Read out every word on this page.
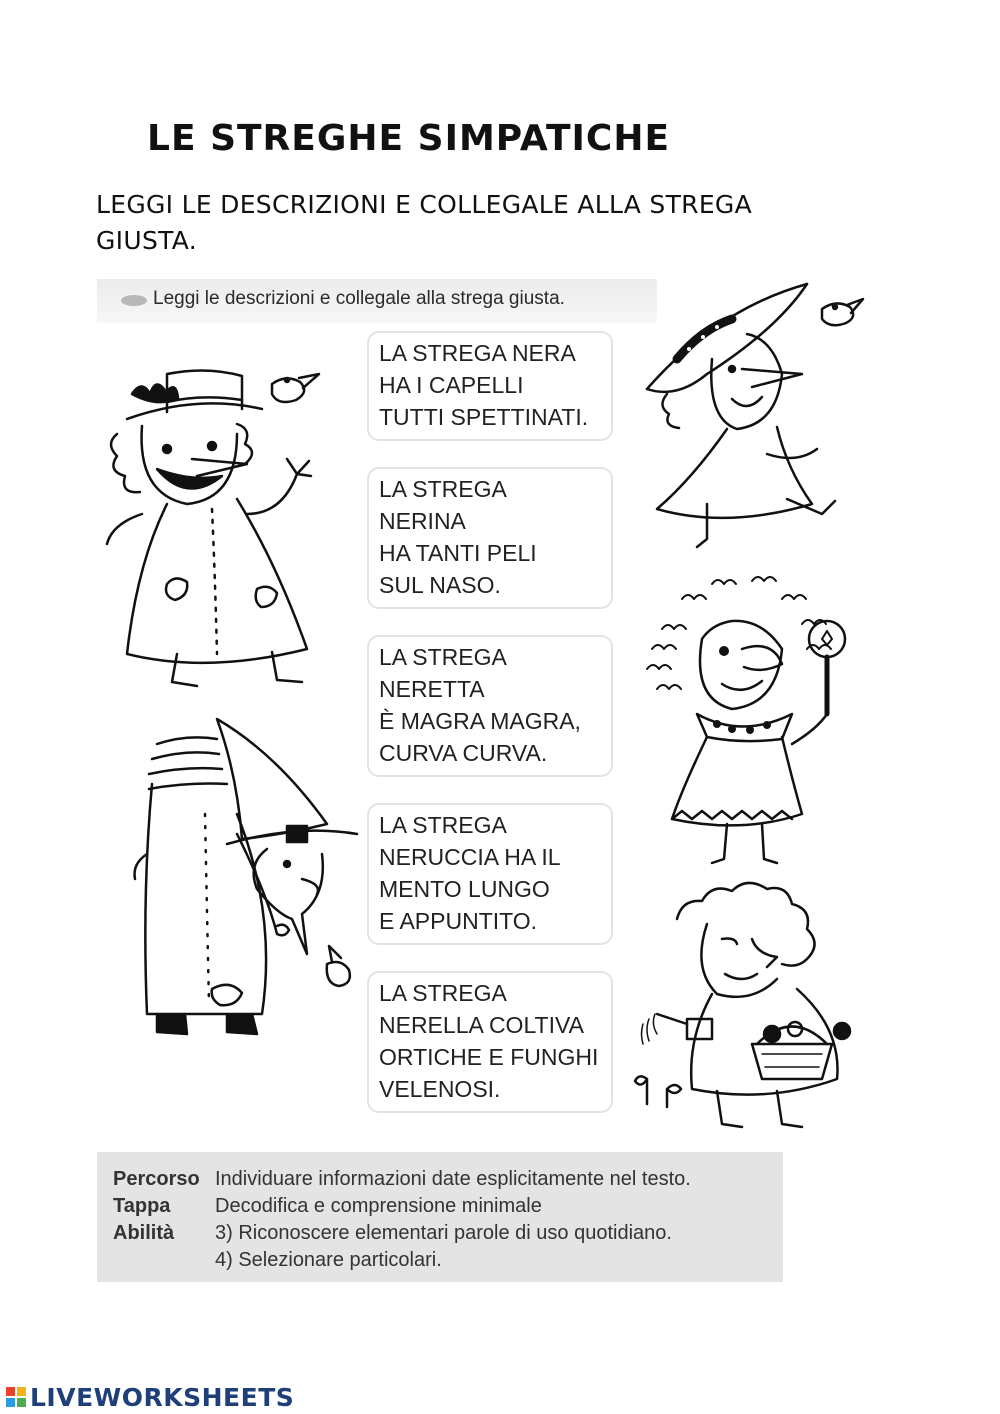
LE STREGHE SIMPATICHE
LEGGI LE DESCRIZIONI E COLLEGALE ALLA STREGA GIUSTA.
Leggi le descrizioni e collegale alla strega giusta.
LA STREGA NERA
HA I CAPELLI
TUTTI SPETTINATI.
LA STREGA
NERINA
HA TANTI PELI
SUL NASO.
LA STREGA
NERETTA
È MAGRA MAGRA,
CURVA CURVA.
LA STREGA
NERUCCIA HA IL
MENTO LUNGO
E APPUNTITO.
LA STREGA
NERELLA COLTIVA
ORTICHE E FUNGHI
VELENOSI.
Percorso Individuare informazioni date esplicitamente nel testo.
Tappa Decodifica e comprensione minimale
Abilità 3) Riconoscere elementari parole di uso quotidiano.
4) Selezionare particolari.
LIVEWORKSHEETS
